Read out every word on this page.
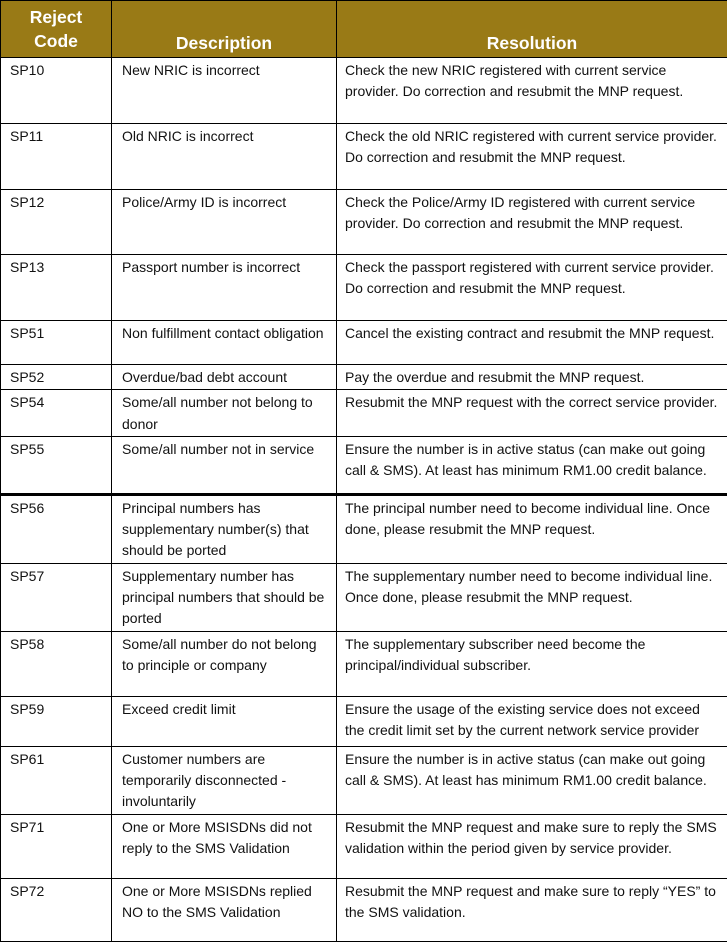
Reject
Code	Description	Resolution

SP10	New NRIC is incorrect	Check the new NRIC registered with current service provider. Do correction and resubmit the MNP request.
SP11	Old NRIC is incorrect	Check the old NRIC registered with current service provider. Do correction and resubmit the MNP request.
SP12	Police/Army ID is incorrect	Check the Police/Army ID registered with current service provider. Do correction and resubmit the MNP request.
SP13	Passport number is incorrect	Check the passport registered with current service provider. Do correction and resubmit the MNP request.
SP51	Non fulfillment contact obligation	Cancel the existing contract and resubmit the MNP request.
SP52	Overdue/bad debt account	Pay the overdue and resubmit the MNP request.
SP54	Some/all number not belong to donor	Resubmit the MNP request with the correct service provider.
SP55	Some/all number not in service	Ensure the number is in active status (can make out going call & SMS). At least has minimum RM1.00 credit balance.
SP56	Principal numbers has supplementary number(s) that should be ported	The principal number need to become individual line. Once done, please resubmit the MNP request.
SP57	Supplementary number has principal numbers that should be ported	The supplementary number need to become individual line. Once done, please resubmit the MNP request.
SP58	Some/all number do not belong to principle or company	The supplementary subscriber need become the principal/individual subscriber.
SP59	Exceed credit limit	Ensure the usage of the existing service does not exceed the credit limit set by the current network service provider
SP61	Customer numbers are temporarily disconnected - involuntarily	Ensure the number is in active status (can make out going call & SMS). At least has minimum RM1.00 credit balance.
SP71	One or More MSISDNs did not reply to the SMS Validation	Resubmit the MNP request and make sure to reply the SMS validation within the period given by service provider.
SP72	One or More MSISDNs replied NO to the SMS Validation	Resubmit the MNP request and make sure to reply “YES” to the SMS validation.
